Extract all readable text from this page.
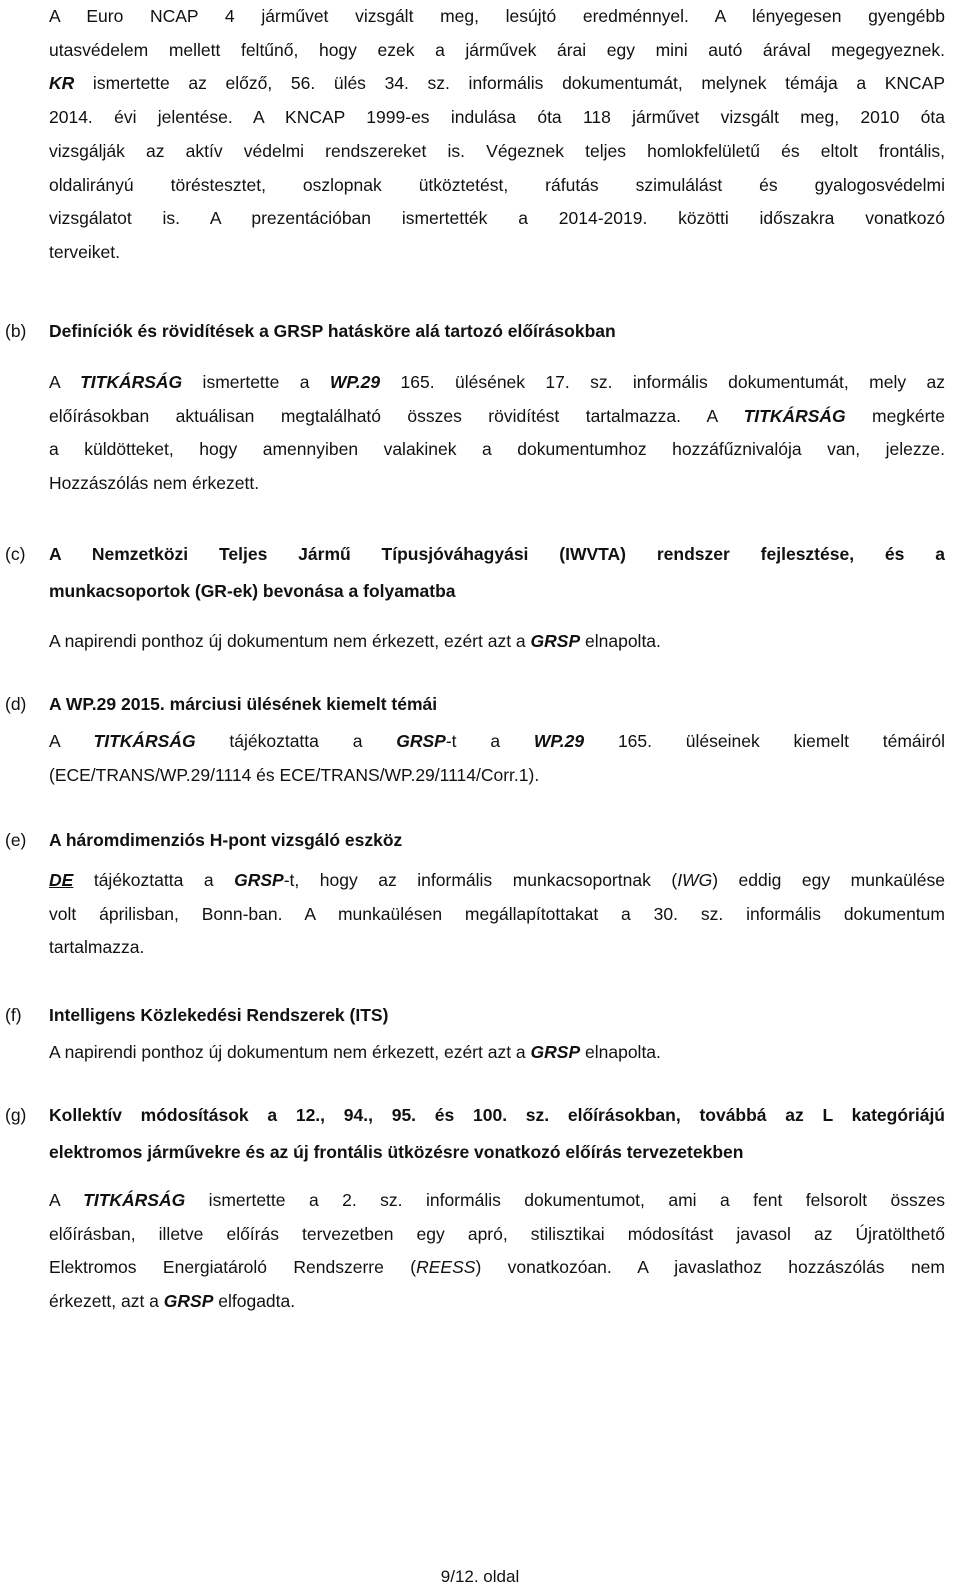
A Euro NCAP 4 járművet vizsgált meg, lesújtó eredménnyel. A lényegesen gyengébb
utasvédelem mellett feltűnő, hogy ezek a járművek árai egy mini autó árával megegyeznek.
KR ismertette az előző, 56. ülés 34. sz. informális dokumentumát, melynek témája a KNCAP
2014. évi jelentése. A KNCAP 1999-es indulása óta 118 járművet vizsgált meg, 2010 óta
vizsgálják az aktív védelmi rendszereket is. Végeznek teljes homlokfelületű és eltolt frontális,
oldalirányú töréstesztet, oszlopnak ütköztetést, ráfutás szimulálást és gyalogosvédelmi
vizsgálatot is. A prezentációban ismertették a 2014-2019. közötti időszakra vonatkozó
terveiket.
(b) Definíciók és rövidítések a GRSP hatásköre alá tartozó előírásokban
A TITKÁRSÁG ismertette a WP.29 165. ülésének 17. sz. informális dokumentumát, mely az
előírásokban aktuálisan megtalálható összes rövidítést tartalmazza. A TITKÁRSÁG megkérte
a küldötteket, hogy amennyiben valakinek a dokumentumhoz hozzáfűznivalója van, jelezze.
Hozzászólás nem érkezett.
(c) A Nemzetközi Teljes Jármű Típusjóváhagyási (IWVTA) rendszer fejlesztése, és a
munkacsoportok (GR-ek) bevonása a folyamatba
A napirendi ponthoz új dokumentum nem érkezett, ezért azt a GRSP elnapolta.
(d) A WP.29 2015. márciusi ülésének kiemelt témái
A TITKÁRSÁG tájékoztatta a GRSP-t a WP.29 165. üléseinek kiemelt témáiról
(ECE/TRANS/WP.29/1114 és ECE/TRANS/WP.29/1114/Corr.1).
(e) A háromdimenziós H-pont vizsgáló eszköz
DE tájékoztatta a GRSP-t, hogy az informális munkacsoportnak (IWG) eddig egy munkaülése
volt áprilisban, Bonn-ban. A munkaülésen megállapítottakat a 30. sz. informális dokumentum
tartalmazza.
(f) Intelligens Közlekedési Rendszerek (ITS)
A napirendi ponthoz új dokumentum nem érkezett, ezért azt a GRSP elnapolta.
(g) Kollektív módosítások a 12., 94., 95. és 100. sz. előírásokban, továbbá az L kategóriájú
elektromos járművekre és az új frontális ütközésre vonatkozó előírás tervezetekben
A TITKÁRSÁG ismertette a 2. sz. informális dokumentumot, ami a fent felsorolt összes
előírásban, illetve előírás tervezetben egy apró, stilisztikai módosítást javasol az Újratölthető
Elektromos Energiatároló Rendszerre (REESS) vonatkozóan. A javaslathoz hozzászólás nem
érkezett, azt a GRSP elfogadta.
9/12. oldal
